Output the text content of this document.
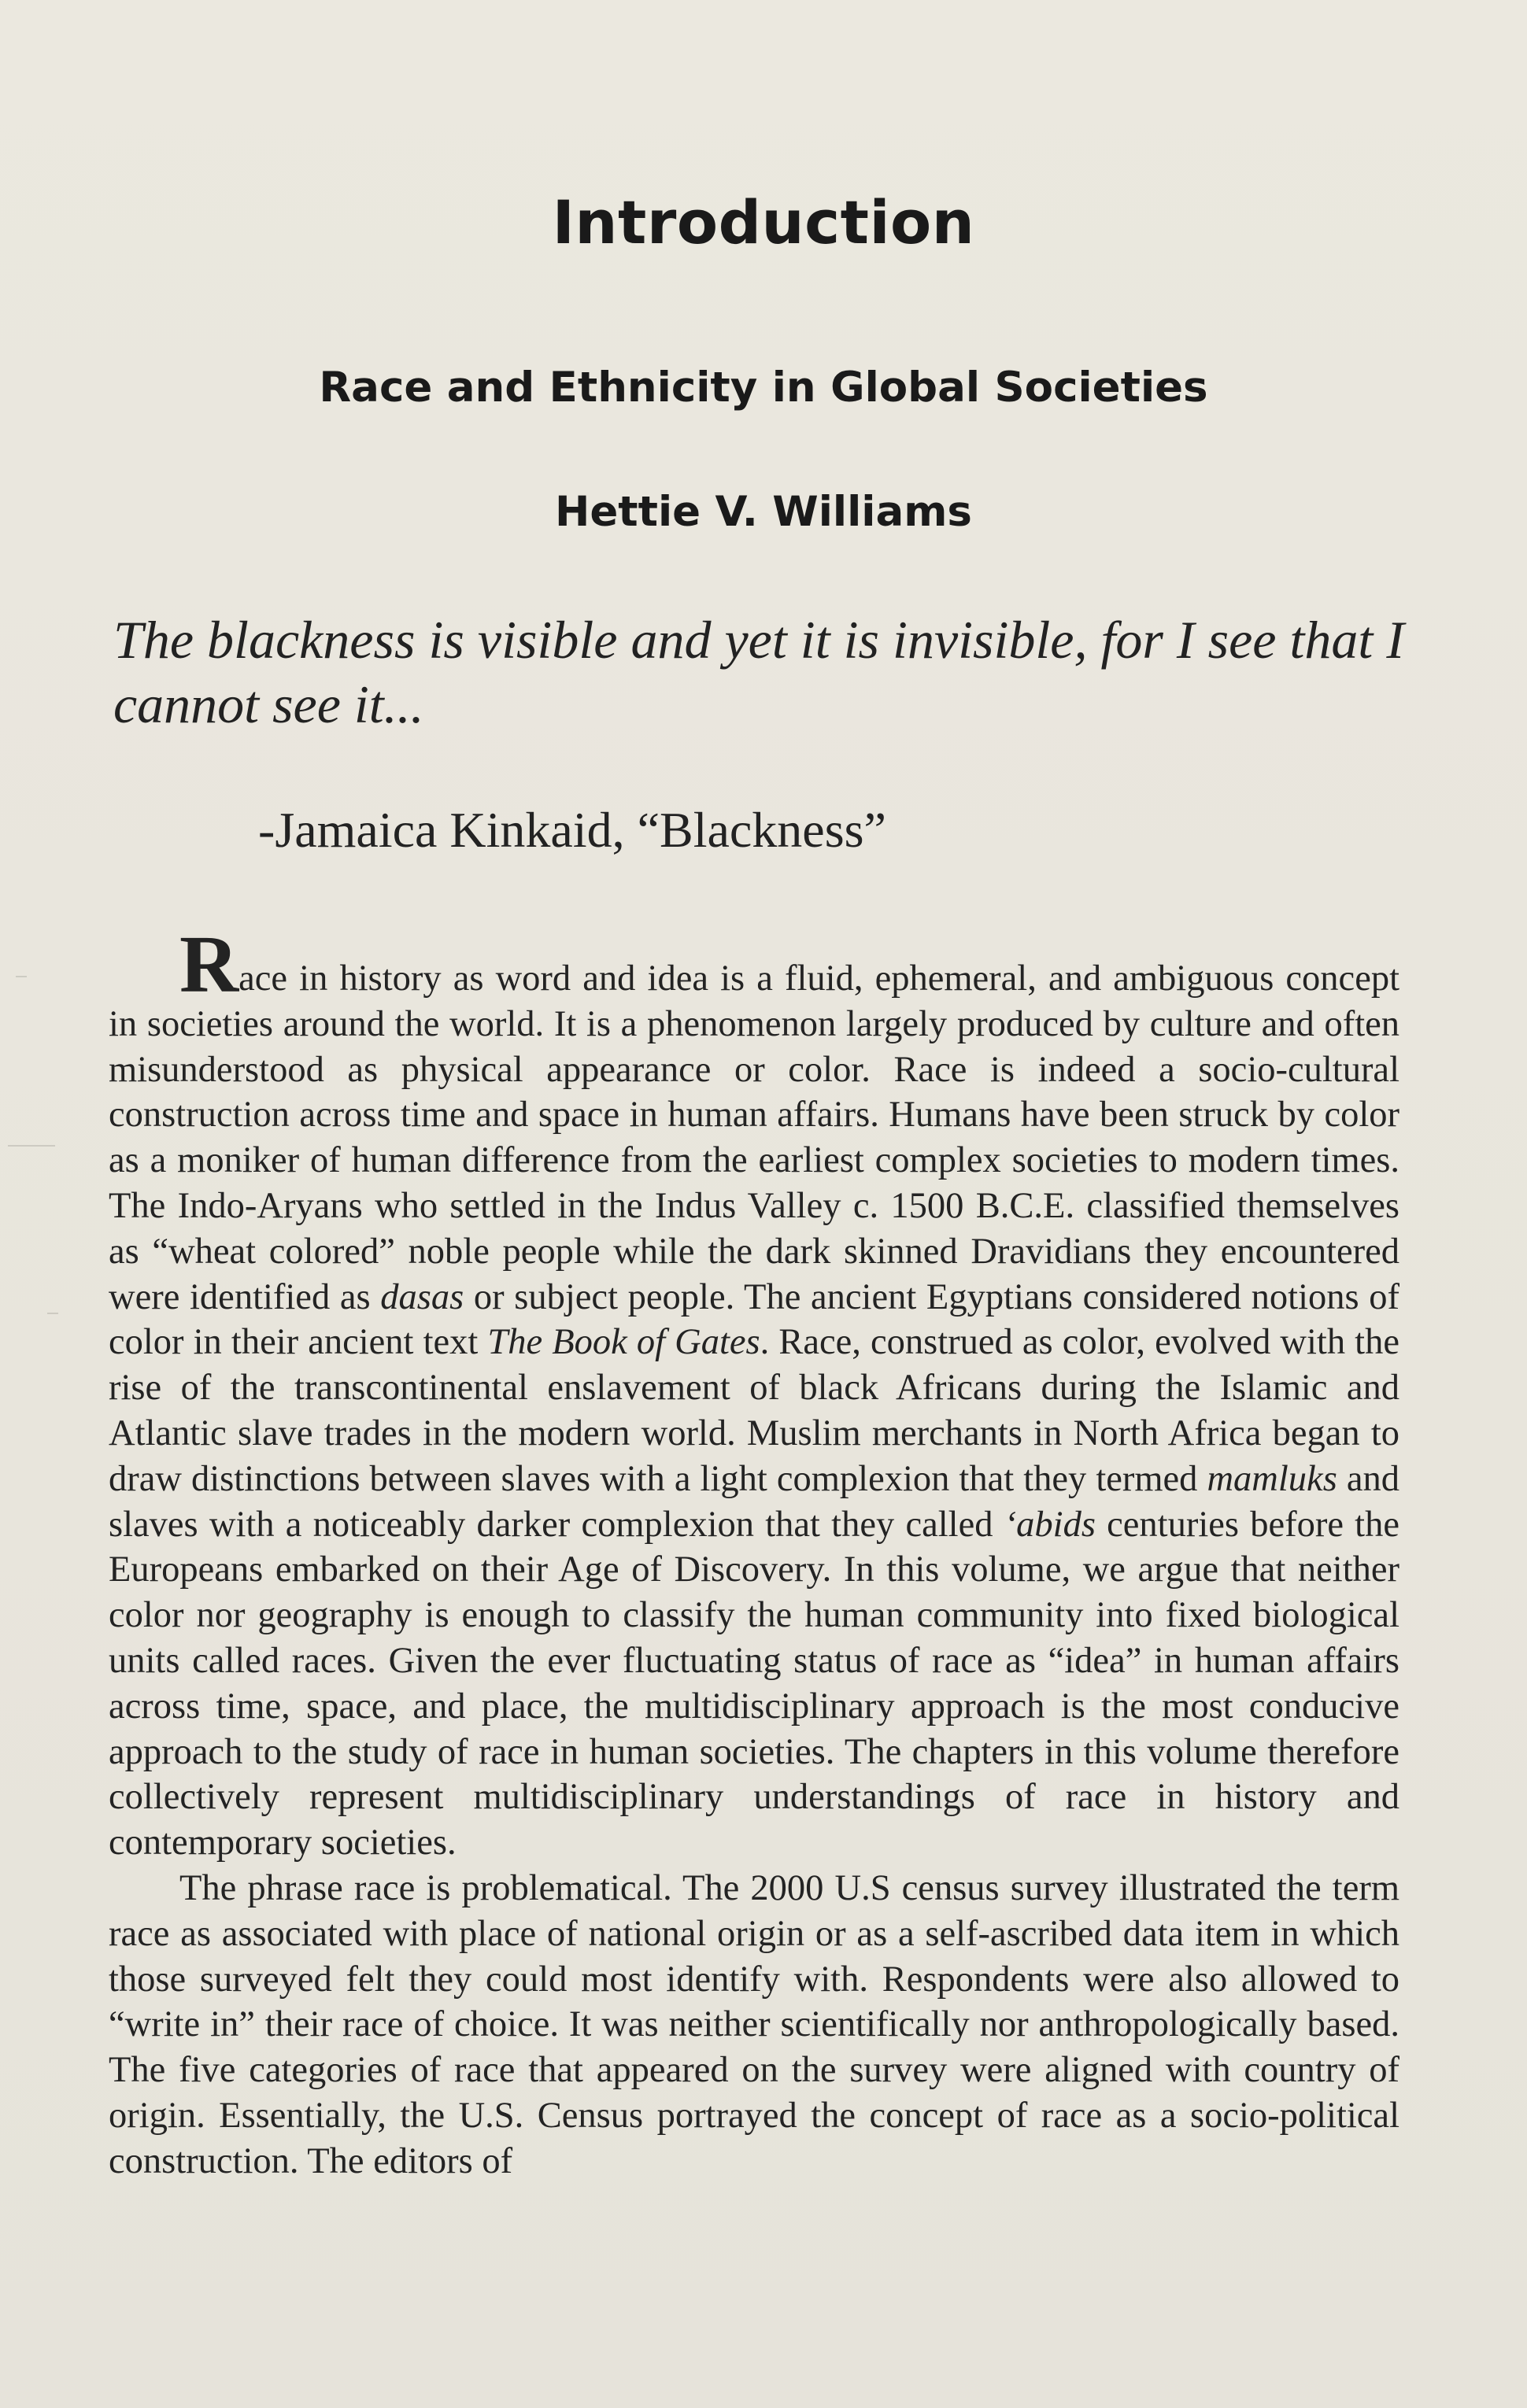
Introduction
Race and Ethnicity in Global Societies
Hettie V. Williams

The blackness is visible and yet it is invisible, for I see that I cannot see it...

-Jamaica Kinkaid, “Blackness”

Race in history as word and idea is a fluid, ephemeral, and ambiguous concept in societies around the world. It is a phenomenon largely produced by culture and often misunderstood as physical appearance or color. Race is indeed a socio-cultural construction across time and space in human affairs. Humans have been struck by color as a moniker of human difference from the earliest complex societies to modern times. The Indo-Aryans who settled in the Indus Valley c. 1500 B.C.E. classified themselves as “wheat colored” noble people while the dark skinned Dravidians they encountered were identified as dasas or subject people. The ancient Egyptians considered notions of color in their ancient text The Book of Gates. Race, construed as color, evolved with the rise of the transcontinental enslavement of black Africans during the Islamic and Atlantic slave trades in the modern world. Muslim merchants in North Africa began to draw distinctions between slaves with a light complexion that they termed mamluks and slaves with a noticeably darker complexion that they called ‘abids centuries before the Europeans embarked on their Age of Discovery. In this volume, we argue that neither color nor geography is enough to classify the human community into fixed biological units called races. Given the ever fluctuating status of race as “idea” in human affairs across time, space, and place, the multidisciplinary approach is the most conducive approach to the study of race in human societies. The chapters in this volume therefore collectively represent multidisciplinary understandings of race in history and contemporary societies.

The phrase race is problematical. The 2000 U.S census survey illustrated the term race as associated with place of national origin or as a self-ascribed data item in which those surveyed felt they could most identify with. Respondents were also allowed to “write in” their race of choice. It was neither scientifically nor anthropologically based. The five categories of race that appeared on the survey were aligned with country of origin. Essentially, the U.S. Census portrayed the concept of race as a socio-political construction. The editors of
